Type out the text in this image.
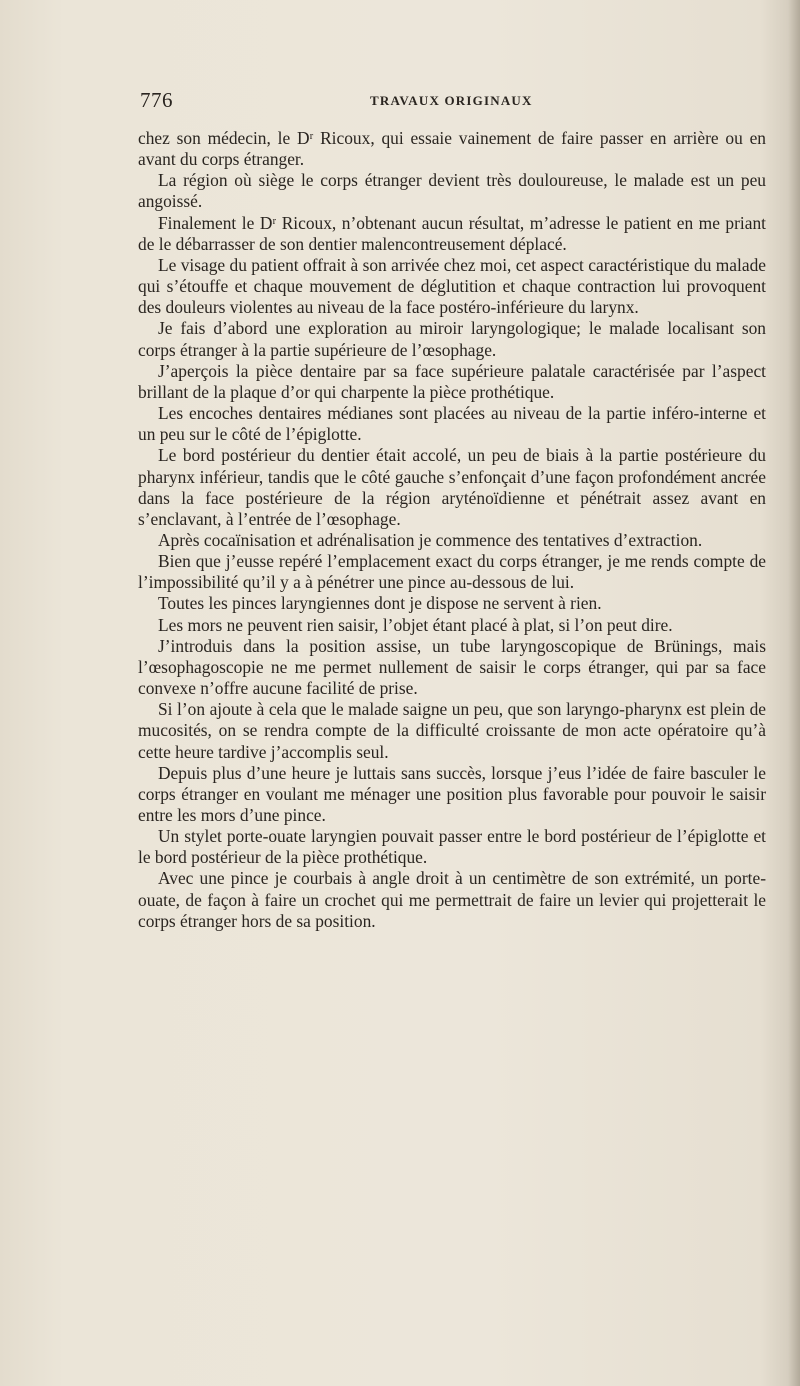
776	TRAVAUX ORIGINAUX

chez son médecin, le Dʳ Ricoux, qui essaie vainement de faire passer en arrière ou en avant du corps étranger.

La région où siège le corps étranger devient très douloureuse, le malade est un peu angoissé.

Finalement le Dʳ Ricoux, n’obtenant aucun résultat, m’adresse le patient en me priant de le débarrasser de son dentier malencontreusement déplacé.

Le visage du patient offrait à son arrivée chez moi, cet aspect caractéristique du malade qui s’étouffe et chaque mouvement de déglutition et chaque contraction lui provoquent des douleurs violentes au niveau de la face postéro-inférieure du larynx.

Je fais d’abord une exploration au miroir laryngologique; le malade localisant son corps étranger à la partie supérieure de l’œsophage.

J’aperçois la pièce dentaire par sa face supérieure palatale caractérisée par l’aspect brillant de la plaque d’or qui charpente la pièce prothétique.

Les encoches dentaires médianes sont placées au niveau de la partie inféro-interne et un peu sur le côté de l’épiglotte.

Le bord postérieur du dentier était accolé, un peu de biais à la partie postérieure du pharynx inférieur, tandis que le côté gauche s’enfonçait d’une façon profondément ancrée dans la face postérieure de la région aryténoïdienne et pénétrait assez avant en s’enclavant, à l’entrée de l’œsophage.

Après cocaïnisation et adrénalisation je commence des tentatives d’extraction.

Bien que j’eusse repéré l’emplacement exact du corps étranger, je me rends compte de l’impossibilité qu’il y a à pénétrer une pince au-dessous de lui.

Toutes les pinces laryngiennes dont je dispose ne servent à rien.

Les mors ne peuvent rien saisir, l’objet étant placé à plat, si l’on peut dire.

J’introduis dans la position assise, un tube laryngoscopique de Brünings, mais l’œsophagoscopie ne me permet nullement de saisir le corps étranger, qui par sa face convexe n’offre aucune facilité de prise.

Si l’on ajoute à cela que le malade saigne un peu, que son laryngo-pharynx est plein de mucosités, on se rendra compte de la difficulté croissante de mon acte opératoire qu’à cette heure tardive j’accomplis seul.

Depuis plus d’une heure je luttais sans succès, lorsque j’eus l’idée de faire basculer le corps étranger en voulant me ménager une position plus favorable pour pouvoir le saisir entre les mors d’une pince.

Un stylet porte-ouate laryngien pouvait passer entre le bord postérieur de l’épiglotte et le bord postérieur de la pièce prothétique.

Avec une pince je courbais à angle droit à un centimètre de son extrémité, un porte-ouate, de façon à faire un crochet qui me permettrait de faire un levier qui projetterait le corps étranger hors de sa position.
